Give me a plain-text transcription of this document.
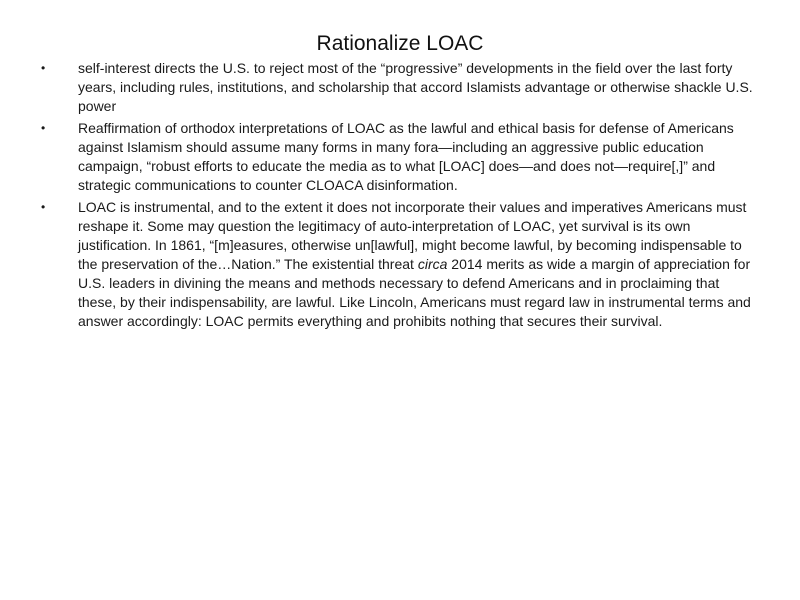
Rationalize LOAC
• self-interest directs the U.S. to reject most of the “progressive” developments in the field over the last forty years, including rules, institutions, and scholarship that accord Islamists advantage or otherwise shackle U.S. power
• Reaffirmation of orthodox interpretations of LOAC as the lawful and ethical basis for defense of Americans against Islamism should assume many forms in many fora—including an aggressive public education campaign, “robust efforts to educate the media as to what [LOAC] does—and does not—require[,]” and strategic communications to counter CLOACA disinformation.
• LOAC is instrumental, and to the extent it does not incorporate their values and imperatives Americans must reshape it. Some may question the legitimacy of auto-interpretation of LOAC, yet survival is its own justification. In 1861, “[m]easures, otherwise un[lawful], might become lawful, by becoming indispensable to the preservation of the…Nation.” The existential threat circa 2014 merits as wide a margin of appreciation for U.S. leaders in divining the means and methods necessary to defend Americans and in proclaiming that these, by their indispensability, are lawful. Like Lincoln, Americans must regard law in instrumental terms and answer accordingly: LOAC permits everything and prohibits nothing that secures their survival.
